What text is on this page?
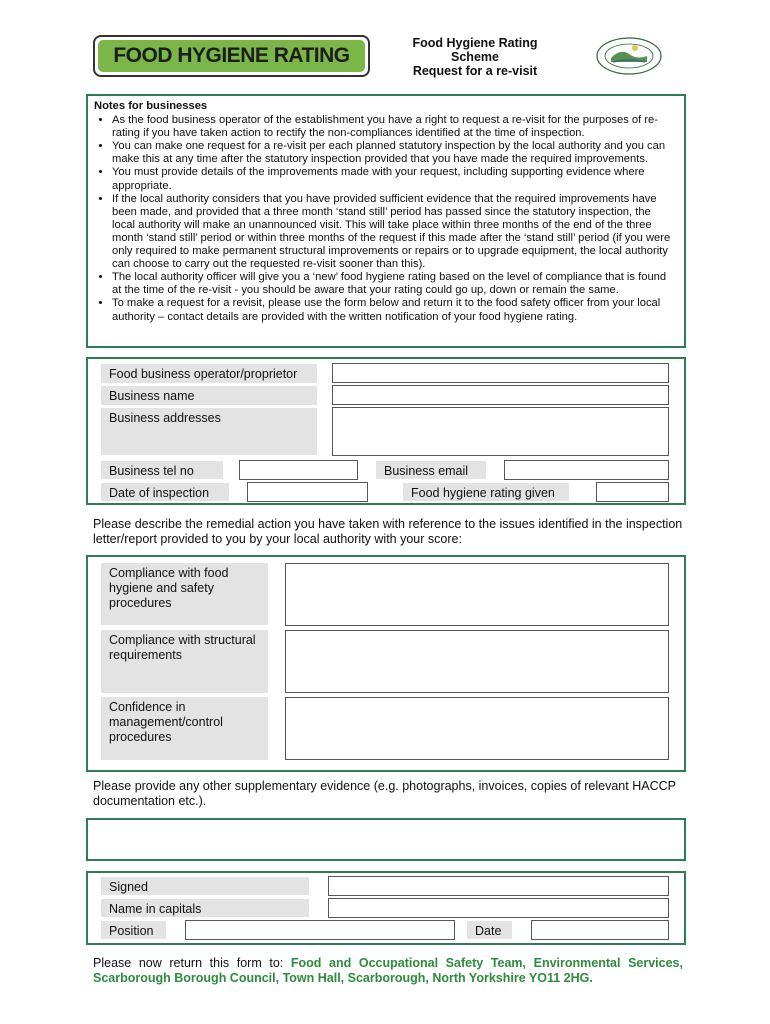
FOOD HYGIENE RATING
Food Hygiene Rating
Scheme
Request for a re-visit
Notes for businesses
• As the food business operator of the establishment you have a right to request a re-visit for the purposes of re-rating if you have taken action to rectify the non-compliances identified at the time of inspection.
• You can make one request for a re-visit per each planned statutory inspection by the local authority and you can make this at any time after the statutory inspection provided that you have made the required improvements.
• You must provide details of the improvements made with your request, including supporting evidence where appropriate.
• If the local authority considers that you have provided sufficient evidence that the required improvements have been made, and provided that a three month ‘stand still’ period has passed since the statutory inspection, the local authority will make an unannounced visit. This will take place within three months of the end of the three month ‘stand still’ period or within three months of the request if this made after the ‘stand still’ period (if you were only required to make permanent structural improvements or repairs or to upgrade equipment, the local authority can choose to carry out the requested re-visit sooner than this).
• The local authority officer will give you a ‘new’ food hygiene rating based on the level of compliance that is found at the time of the re-visit - you should be aware that your rating could go up, down or remain the same.
• To make a request for a revisit, please use the form below and return it to the food safety officer from your local authority – contact details are provided with the written notification of your food hygiene rating.
Food business operator/proprietor
Business name
Business addresses
Business tel no	Business email
Date of inspection	Food hygiene rating given
Please describe the remedial action you have taken with reference to the issues identified in the inspection letter/report provided to you by your local authority with your score:
Compliance with food hygiene and safety procedures
Compliance with structural requirements
Confidence in management/control procedures
Please provide any other supplementary evidence (e.g. photographs, invoices, copies of relevant HACCP documentation etc.).
Signed
Name in capitals
Position	Date
Please now return this form to: Food and Occupational Safety Team, Environmental Services, Scarborough Borough Council, Town Hall, Scarborough, North Yorkshire YO11 2HG.
